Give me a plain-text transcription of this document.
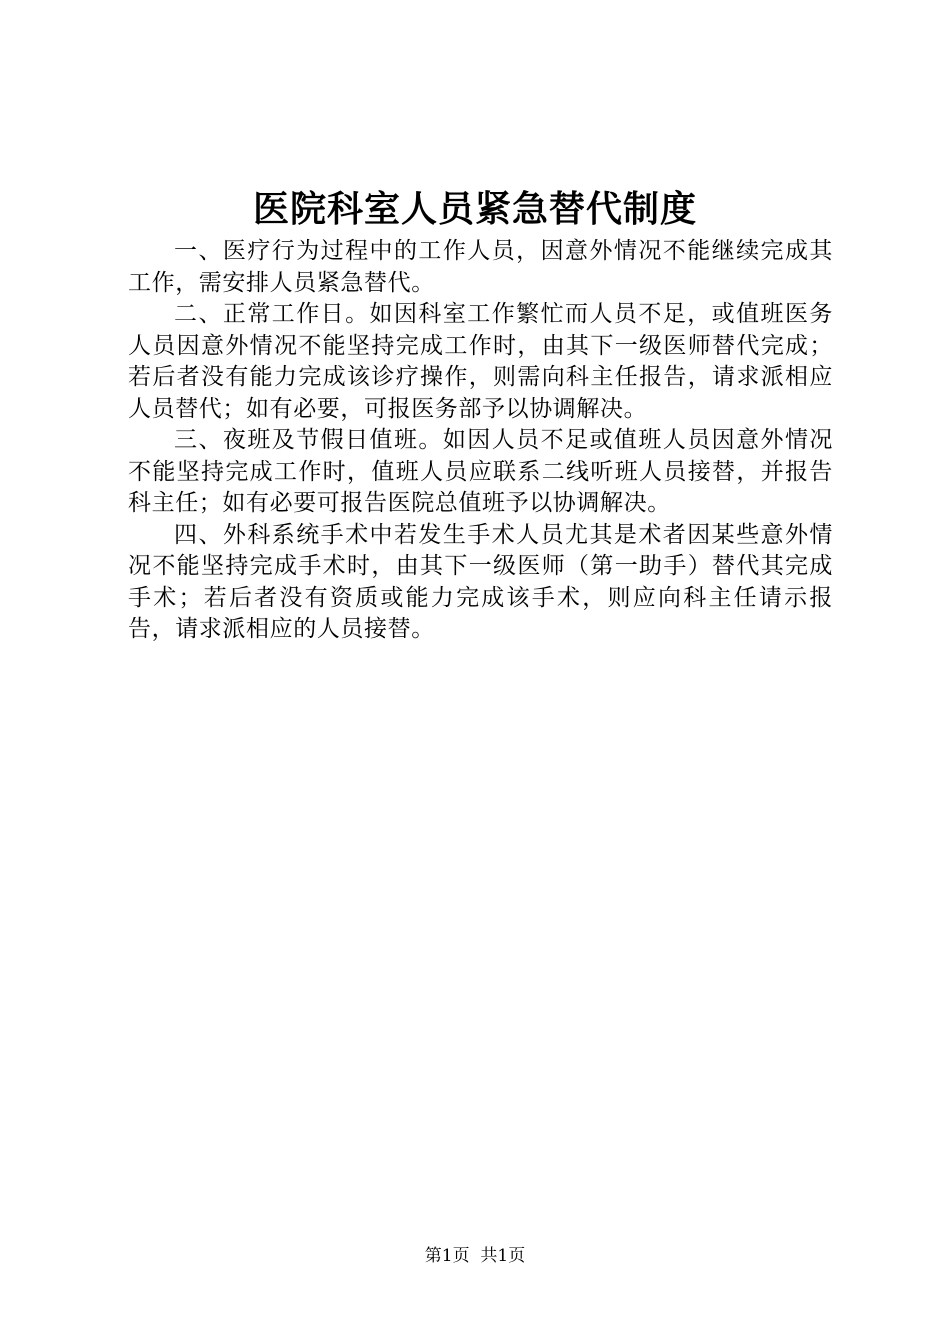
医院科室人员紧急替代制度

一、医疗行为过程中的工作人员，因意外情况不能继续完成其工作，需安排人员紧急替代。

二、正常工作日。如因科室工作繁忙而人员不足，或值班医务人员因意外情况不能坚持完成工作时，由其下一级医师替代完成；若后者没有能力完成该诊疗操作，则需向科主任报告，请求派相应人员替代；如有必要，可报医务部予以协调解决。

三、夜班及节假日值班。如因人员不足或值班人员因意外情况不能坚持完成工作时，值班人员应联系二线听班人员接替，并报告科主任；如有必要可报告医院总值班予以协调解决。

四、外科系统手术中若发生手术人员尤其是术者因某些意外情况不能坚持完成手术时，由其下一级医师（第一助手）替代其完成手术；若后者没有资质或能力完成该手术，则应向科主任请示报告，请求派相应的人员接替。

第1页 共1页
